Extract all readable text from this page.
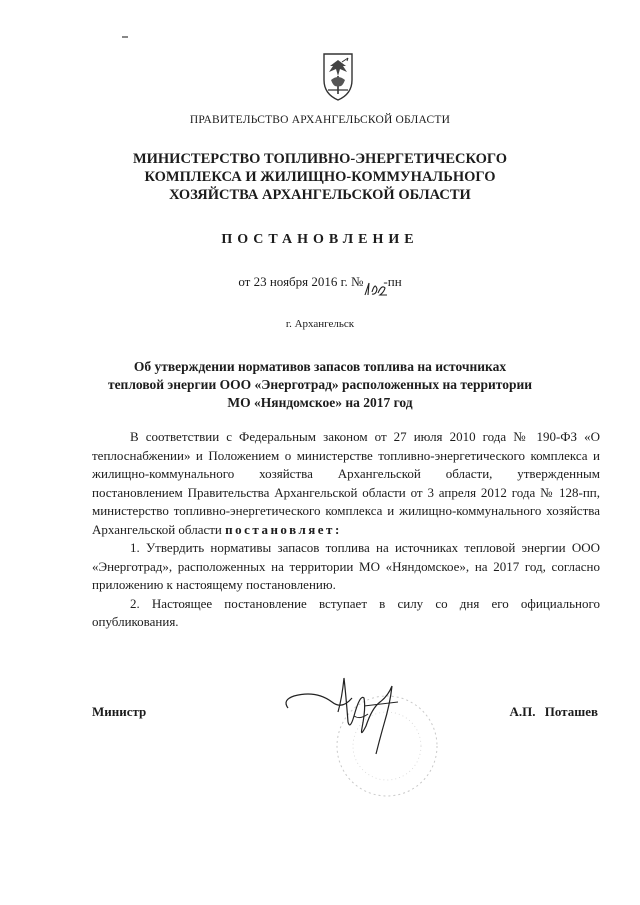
ПРАВИТЕЛЬСТВО АРХАНГЕЛЬСКОЙ ОБЛАСТИ
МИНИСТЕРСТВО ТОПЛИВНО-ЭНЕРГЕТИЧЕСКОГО
КОМПЛЕКСА И ЖИЛИЩНО-КОММУНАЛЬНОГО
ХОЗЯЙСТВА АРХАНГЕЛЬСКОЙ ОБЛАСТИ
ПОСТАНОВЛЕНИЕ
от 23 ноября 2016 г. № -пн
г. Архангельск
Об утверждении нормативов запасов топлива на источниках
тепловой энергии ООО «Энерготрад» расположенных на территории
МО «Няндомское» на 2017 год

В соответствии с Федеральным законом от 27 июля 2010 года № 190-ФЗ «О теплоснабжении» и Положением о министерстве топливно-энергетического комплекса и жилищно-коммунального хозяйства Архангельской области, утвержденным постановлением Правительства Архангельской области от 3 апреля 2012 года № 128-пп, министерство топливно-энергетического комплекса и жилищно-коммунального хозяйства Архангельской области постановляет:

1. Утвердить нормативы запасов топлива на источниках тепловой энергии ООО «Энерготрад», расположенных на территории МО «Няндомское», на 2017 год, согласно приложению к настоящему постановлению.

2. Настоящее постановление вступает в силу со дня его официального опубликования.

Министр	А.П. Поташев
